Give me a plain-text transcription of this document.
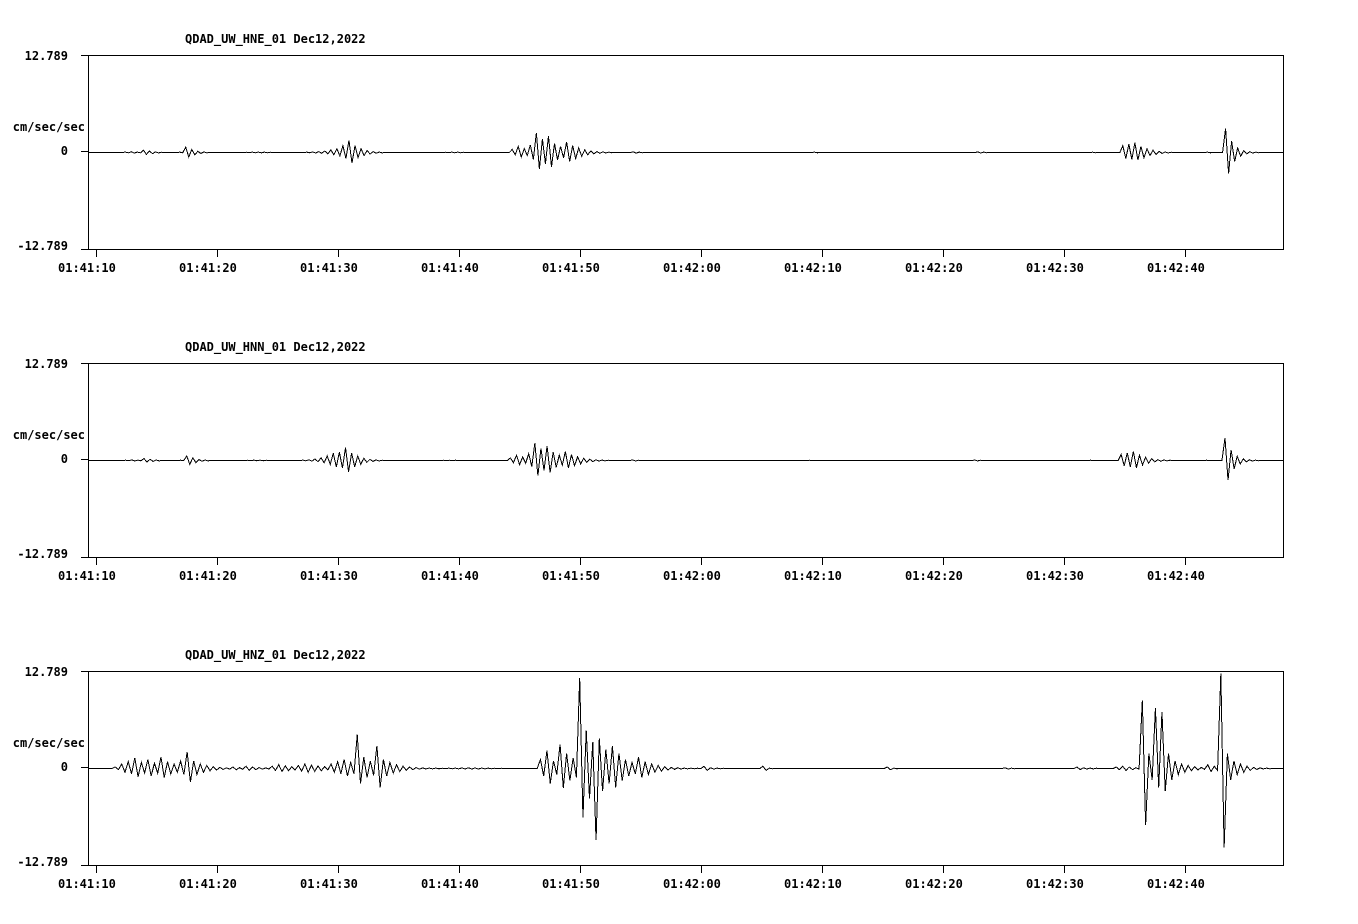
QDAD_UW_HNE_01 Dec12,2022
cm/sec/sec
12.789
0
-12.789
01:41:10	01:41:20	01:41:30	01:41:40	01:41:50	01:42:00	01:42:10	01:42:20	01:42:30	01:42:40
QDAD_UW_HNN_01 Dec12,2022
cm/sec/sec
12.789
0
-12.789
01:41:10	01:41:20	01:41:30	01:41:40	01:41:50	01:42:00	01:42:10	01:42:20	01:42:30	01:42:40
QDAD_UW_HNZ_01 Dec12,2022
cm/sec/sec
12.789
0
-12.789
01:41:10	01:41:20	01:41:30	01:41:40	01:41:50	01:42:00	01:42:10	01:42:20	01:42:30	01:42:40
